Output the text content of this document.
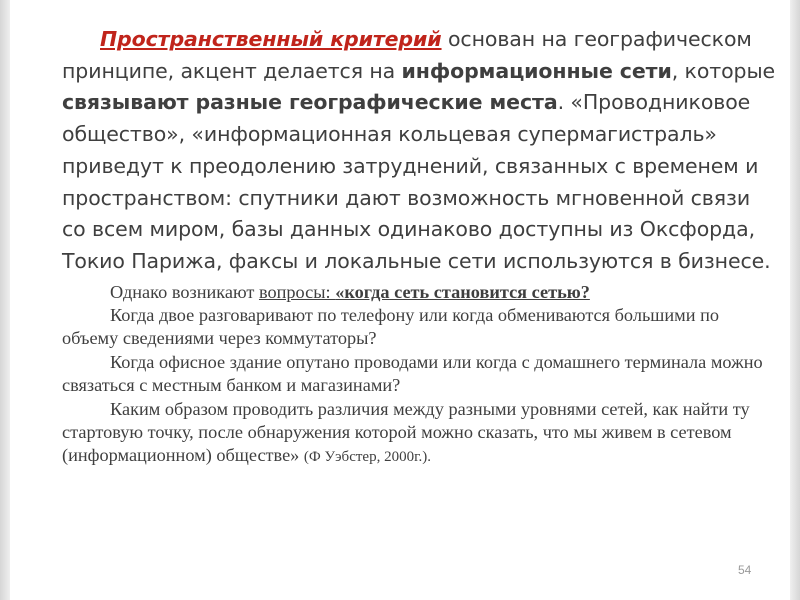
Пространственный критерий основан на географическом принципе, акцент делается на информационные сети, которые связывают разные географические места. «Проводниковое общество», «информационная кольцевая супермагистраль» приведут к преодолению затруднений, связанных с временем и пространством: спутники дают возможность мгновенной связи со всем миром, базы данных одинаково доступны из Оксфорда, Токио Парижа, факсы и локальные сети используются в бизнесе.

Однако возникают вопросы: «когда сеть становится сетью?

Когда двое разговаривают по телефону или когда обмениваются большими по объему сведениями через коммутаторы?

Когда офисное здание опутано проводами или когда с домашнего терминала можно связаться с местным банком и магазинами?

Каким образом проводить различия между разными уровнями сетей, как найти ту стартовую точку, после обнаружения которой можно сказать, что мы живем в сетевом (информационном) обществе» (Ф Уэбстер, 2000г.).

54
